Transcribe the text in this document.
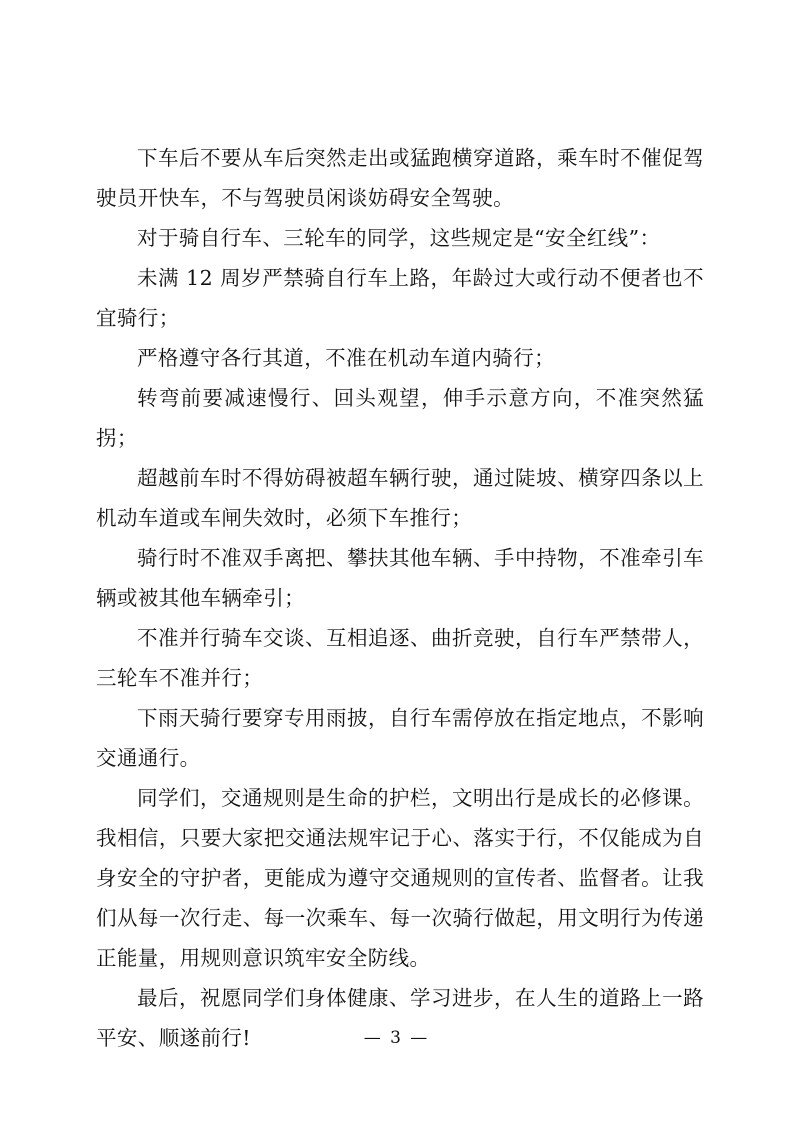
下车后不要从车后突然走出或猛跑横穿道路，乘车时不催促驾驶员开快车，不与驾驶员闲谈妨碍安全驾驶。

对于骑自行车、三轮车的同学，这些规定是“安全红线”：

未满 12 周岁严禁骑自行车上路，年龄过大或行动不便者也不宜骑行；

严格遵守各行其道，不准在机动车道内骑行；

转弯前要减速慢行、回头观望，伸手示意方向，不准突然猛拐；

超越前车时不得妨碍被超车辆行驶，通过陡坡、横穿四条以上机动车道或车闸失效时，必须下车推行；

骑行时不准双手离把、攀扶其他车辆、手中持物，不准牵引车辆或被其他车辆牵引；

不准并行骑车交谈、互相追逐、曲折竞驶，自行车严禁带人，三轮车不准并行；

下雨天骑行要穿专用雨披，自行车需停放在指定地点，不影响交通通行。

同学们，交通规则是生命的护栏，文明出行是成长的必修课。我相信，只要大家把交通法规牢记于心、落实于行，不仅能成为自身安全的守护者，更能成为遵守交通规则的宣传者、监督者。让我们从每一次行走、每一次乘车、每一次骑行做起，用文明行为传递正能量，用规则意识筑牢安全防线。

最后，祝愿同学们身体健康、学习进步，在人生的道路上一路平安、顺遂前行!	— 3 —
